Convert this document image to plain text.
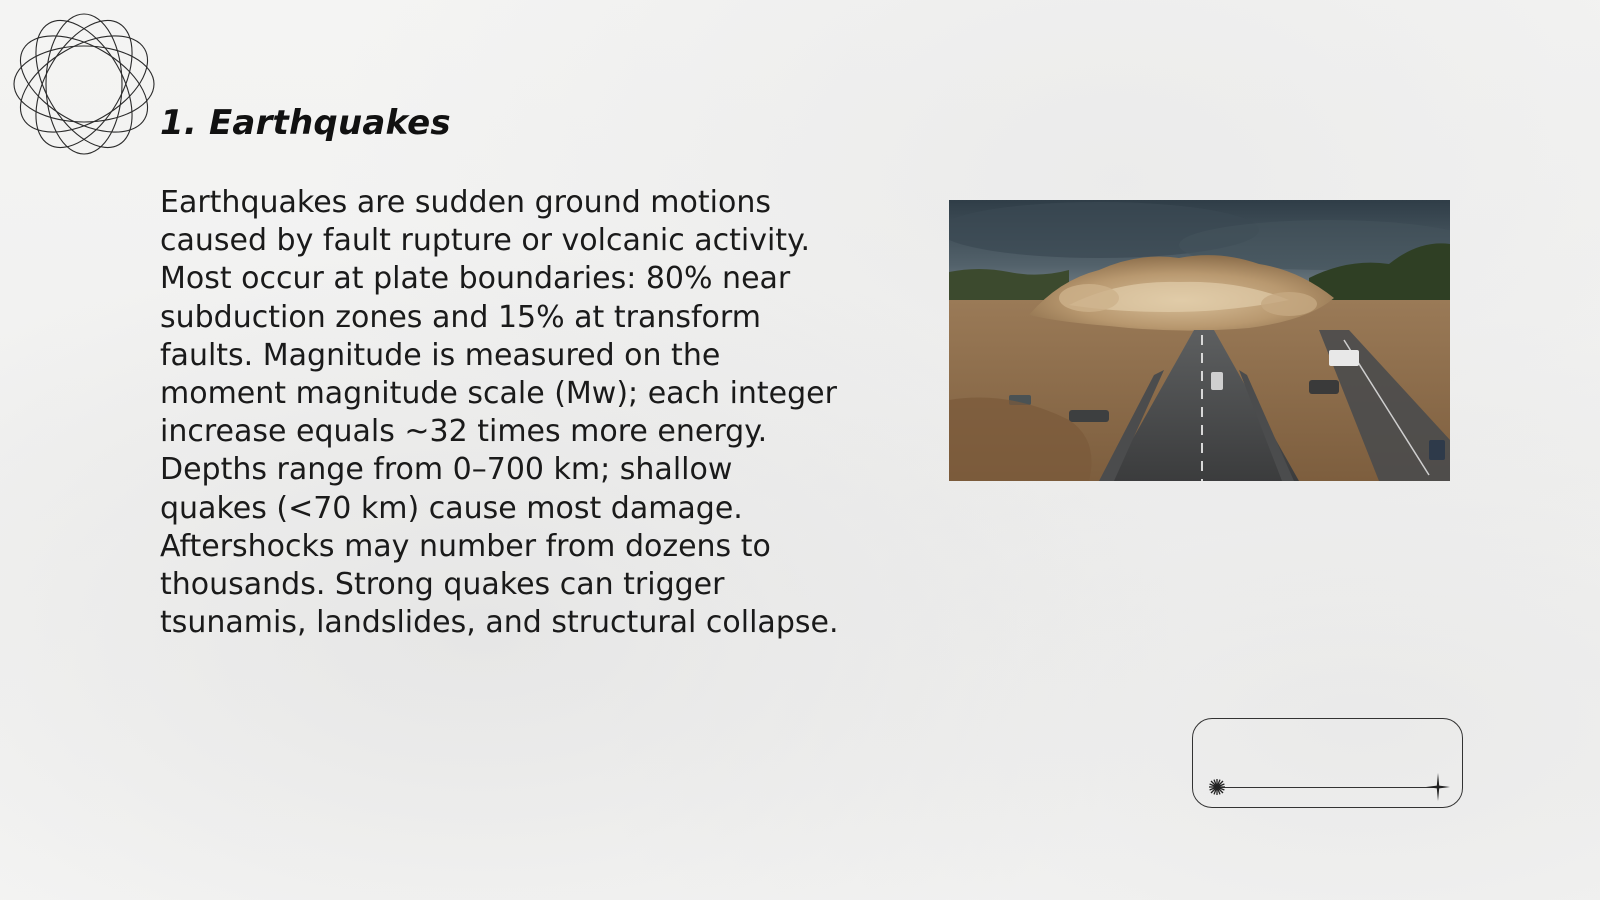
1. Earthquakes

Earthquakes are sudden ground motions
caused by fault rupture or volcanic activity.
Most occur at plate boundaries: 80% near
subduction zones and 15% at transform
faults. Magnitude is measured on the
moment magnitude scale (Mw); each integer
increase equals ~32 times more energy.
Depths range from 0–700 km; shallow
quakes (<70 km) cause most damage.
Aftershocks may number from dozens to
thousands. Strong quakes can trigger
tsunamis, landslides, and structural collapse.
